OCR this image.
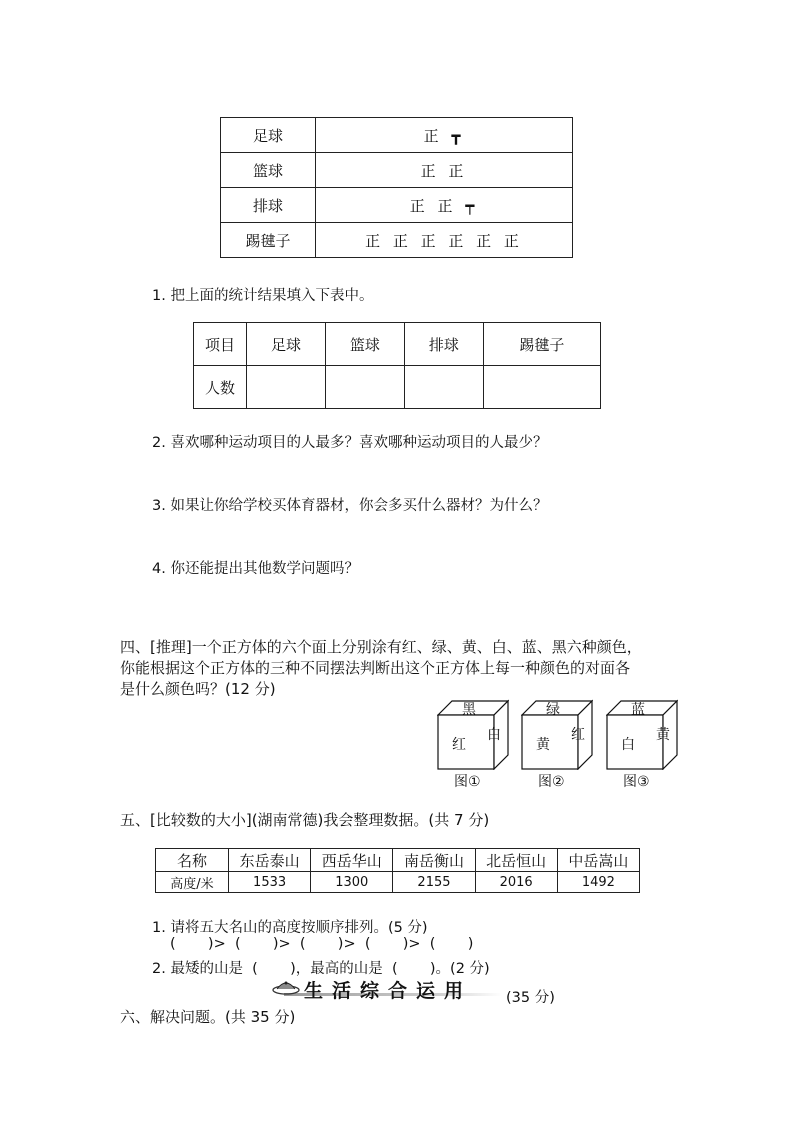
足球	正 ┳
篮球	正 正
排球	正 正 ┯
踢毽子	正 正 正 正 正 正
1. 把上面的统计结果填入下表中。
项目	足球	篮球	排球	踢毽子
人数				
2. 喜欢哪种运动项目的人最多？喜欢哪种运动项目的人最少？
3. 如果让你给学校买体育器材，你会多买什么器材？为什么？
4. 你还能提出其他数学问题吗？
四、[推理]一个正方体的六个面上分别涂有红、绿、黄、白、蓝、黑六种颜色，
你能根据这个正方体的三种不同摆法判断出这个正方体上每一种颜色的对面各
是什么颜色吗？(12 分)
黑
红
白
图①
绿
黄
红
图②
蓝
白
黄
图③
五、[比较数的大小](湖南常德)我会整理数据。(共 7 分)
名称	东岳泰山	西岳华山	南岳衡山	北岳恒山	中岳嵩山
高度/米	1533	1300	2155	2016	1492
1. 请将五大名山的高度按顺序排列。(5 分)
(       )>  (       )>  (       )>  (       )>  (       )
2. 最矮的山是  (       )，最高的山是  (       )。(2 分)
生活综合运用 (35 分)
六、解决问题。(共 35 分)
